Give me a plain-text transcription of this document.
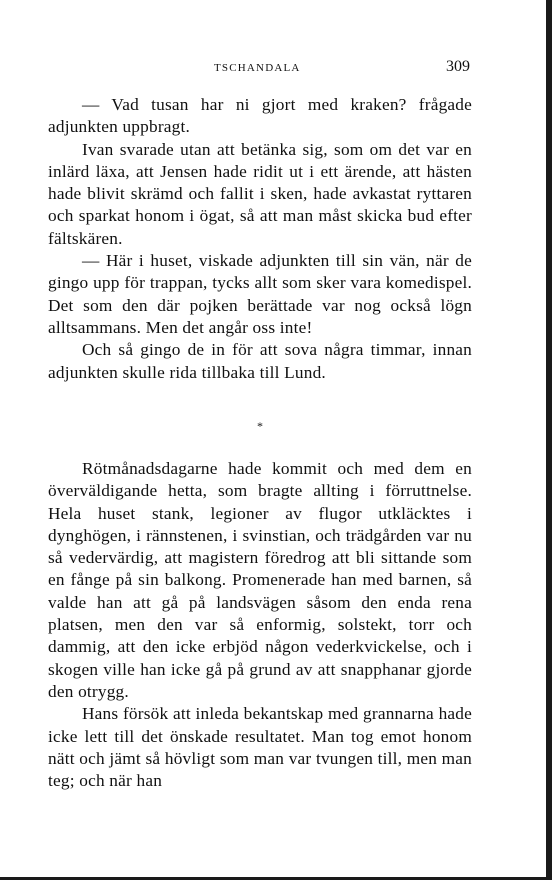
TSCHANDALA	309

— Vad tusan har ni gjort med kraken? frågade adjunkten uppbragt.

Ivan svarade utan att betänka sig, som om det var en inlärd läxa, att Jensen hade ridit ut i ett ärende, att hästen hade blivit skrämd och fallit i sken, hade avkastat ryttaren och sparkat honom i ögat, så att man måst skicka bud efter fältskären.

— Här i huset, viskade adjunkten till sin vän, när de gingo upp för trappan, tycks allt som sker vara komedispel. Det som den där pojken berättade var nog också lögn alltsammans. Men det angår oss inte!

Och så gingo de in för att sova några timmar, innan adjunkten skulle rida tillbaka till Lund.

*

Rötmånadsdagarne hade kommit och med dem en överväldigande hetta, som bragte allting i förruttnelse. Hela huset stank, legioner av flugor utkläcktes i dynghögen, i rännstenen, i svinstian, och trädgården var nu så vedervärdig, att magistern föredrog att bli sittande som en fånge på sin balkong. Promenerade han med barnen, så valde han att gå på landsvägen såsom den enda rena platsen, men den var så enformig, solstekt, torr och dammig, att den icke erbjöd någon vederkvickelse, och i skogen ville han icke gå på grund av att snapphanar gjorde den otrygg.

Hans försök att inleda bekantskap med grannarna hade icke lett till det önskade resultatet. Man tog emot honom nätt och jämt så hövligt som man var tvungen till, men man teg; och när han
